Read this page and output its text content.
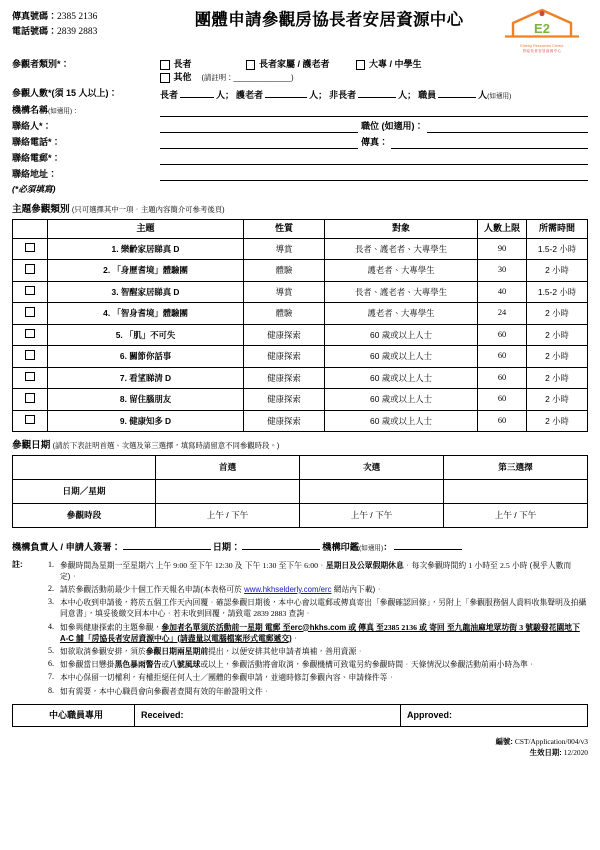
傳真號碼：2385 2136
電話號碼：2839 2883
團體申請參觀房協長者安居資源中心	E2
Elderly Resources Centre
房協長者安居資源中心
參觀者類別*：	長者	長者家屬 / 護老者	大專 / 中學生
其他 (請註明：______________)
參觀人數*(須 15 人以上)：	長者	人 ； 護老者	人 ； 非長者	人 ； 職員	人 (如適用)
機構名稱(如適用)：
聯絡人*：	職位 (如適用)：
聯絡電話*：	傳真：
聯絡電郵*：
聯絡地址：
(*必須填寫)
主題參觀類別 (只可選擇其中一項．主題內容簡介可參考後頁)
	主題	性質	對象	人數上限	所需時間
	1. 樂齡家居睇真 D	導賞	長者、護老者、大專學生	90	1.5-2 小時
	2. 「身歷耆境」體驗團	體驗	護老者、大專學生	30	2 小時
	3. 智醒家居睇真 D	導賞	長者、護老者、大專學生	40	1.5-2 小時
	4. 「智身耆境」體驗團	體驗	護老者、大專學生	24	2 小時
	5. 「肌」不可失	健康探索	60 歲或以上人士	60	2 小時
	6. 關節你話事	健康探索	60 歲或以上人士	60	2 小時
	7. 看望睇清 D	健康探索	60 歲或以上人士	60	2 小時
	8. 留住腦朋友	健康探索	60 歲或以上人士	60	2 小時
	9. 健康知多 D	健康探索	60 歲或以上人士	60	2 小時
參觀日期 (請於下表註明首選、次選及第三選擇，填寫時請留意不同參觀時段。)
	首選	次選	第三選擇
日期／星期			
參觀時段	上午 / 下午	上午 / 下午	上午 / 下午
機構負責人 / 申請人簽署：	日期：	機構印鑑 (如適用) ：
註:	1. 參觀時間為星期一至星期六 上午 9:00 至下午 12:30 及 下午 1:30 至下午 6:00．星期日及公眾假期休息．每次參觀時間約 1 小時至 2.5 小時 (視乎人數而定)．
2. 請於參觀活動前最少十個工作天報名申請(本表格可於 www.hkhselderly.com/erc 網站內下載)．
3. 本中心收到申請後，將於五個工作天內回覆．確認參觀日期後，本中心會以電郵或傳真寄出「參觀確認回條」，另附上「參觀服務個人資料收集聲明及拍攝同意書」，填妥後繳交回本中心．若未收到回覆，請致電 2839 2883 查詢．
4. 如參與健康探索的主題參觀，參加者名單須於活動前一星期 電郵 至erc@hkhs.com 或 傳真 至2385 2136 或 寄回 至九龍油麻地眾坊街 3 號駿發花園地下 A-C 舖「房協長者安居資源中心」(請盡量以電腦檔案形式電郵遞交)．
5. 如欲取消參觀安排，須於參觀日期兩星期前提出，以便安排其他申請者填補，善用資源．
6. 如參觀當日懸掛黑色暴雨警告或八號風球或以上，參觀活動將會取消，參觀機構可致電另約參觀時間．天條情況以參觀活動前兩小時為準．
7. 本中心保留一切權利，有權拒絕任何人士／團體的參觀申請，並適時修訂參觀內容、申請條件等．
8. 如有需要，本中心職員會向參觀者查閱有效的年齡證明文件．
中心職員專用	Received:	Approved:
編號: CST/Application/004/v3
生效日期: 12/2020
